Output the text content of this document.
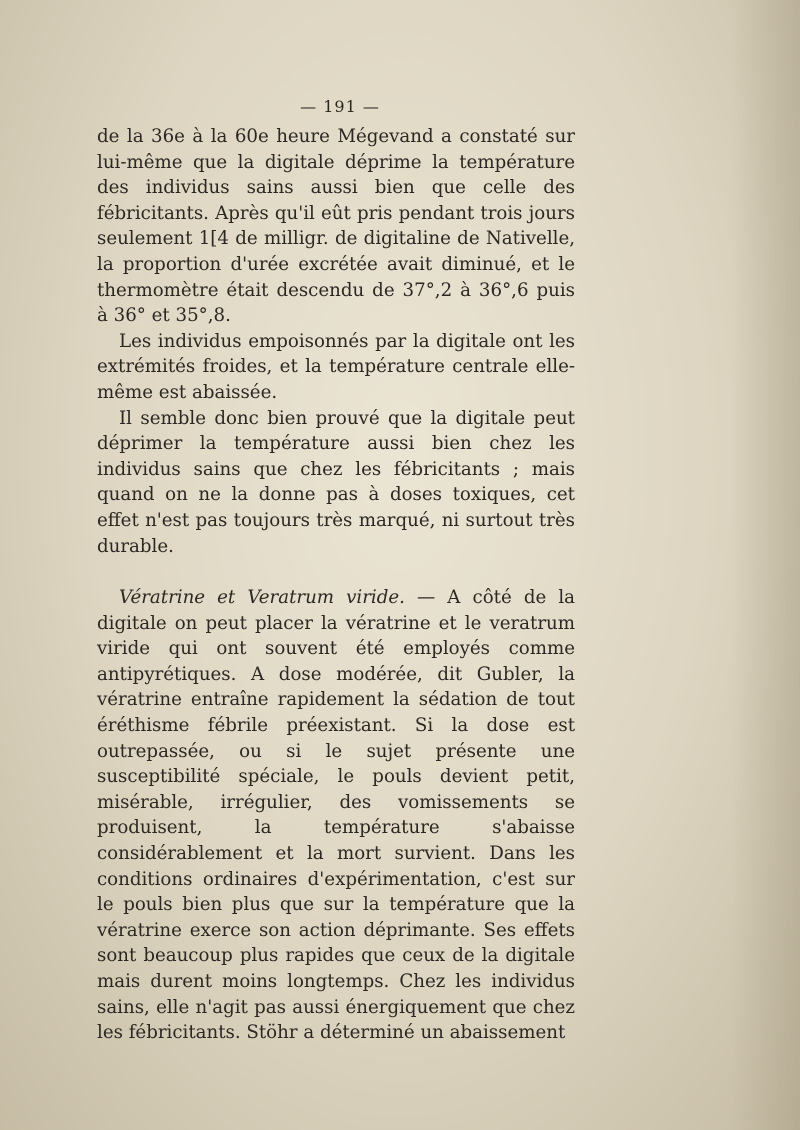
— 191 —

de la 36e à la 60e heure Mégevand a constaté sur lui-même que la digitale déprime la température des individus sains aussi bien que celle des fébricitants. Après qu'il eût pris pendant trois jours seulement 1[4 de milligr. de digitaline de Nativelle, la proportion d'urée excrétée avait diminué, et le thermomètre était descendu de 37°,2 à 36°,6 puis à 36° et 35°,8.

Les individus empoisonnés par la digitale ont les extrémités froides, et la température centrale elle-même est abaissée.

Il semble donc bien prouvé que la digitale peut déprimer la température aussi bien chez les individus sains que chez les fébricitants ; mais quand on ne la donne pas à doses toxiques, cet effet n'est pas toujours très marqué, ni surtout très durable.

Vératrine et Veratrum viride. — A côté de la digitale on peut placer la vératrine et le veratrum viride qui ont souvent été employés comme antipyrétiques. A dose modérée, dit Gubler, la vératrine entraîne rapidement la sédation de tout éréthisme fébrile préexistant. Si la dose est outrepassée, ou si le sujet présente une susceptibilité spéciale, le pouls devient petit, misérable, irrégulier, des vomissements se produisent, la température s'abaisse considérablement et la mort survient. Dans les conditions ordinaires d'expérimentation, c'est sur le pouls bien plus que sur la température que la vératrine exerce son action déprimante. Ses effets sont beaucoup plus rapides que ceux de la digitale mais durent moins longtemps. Chez les individus sains, elle n'agit pas aussi énergiquement que chez les fébricitants. Stöhr a déterminé un abaissement
